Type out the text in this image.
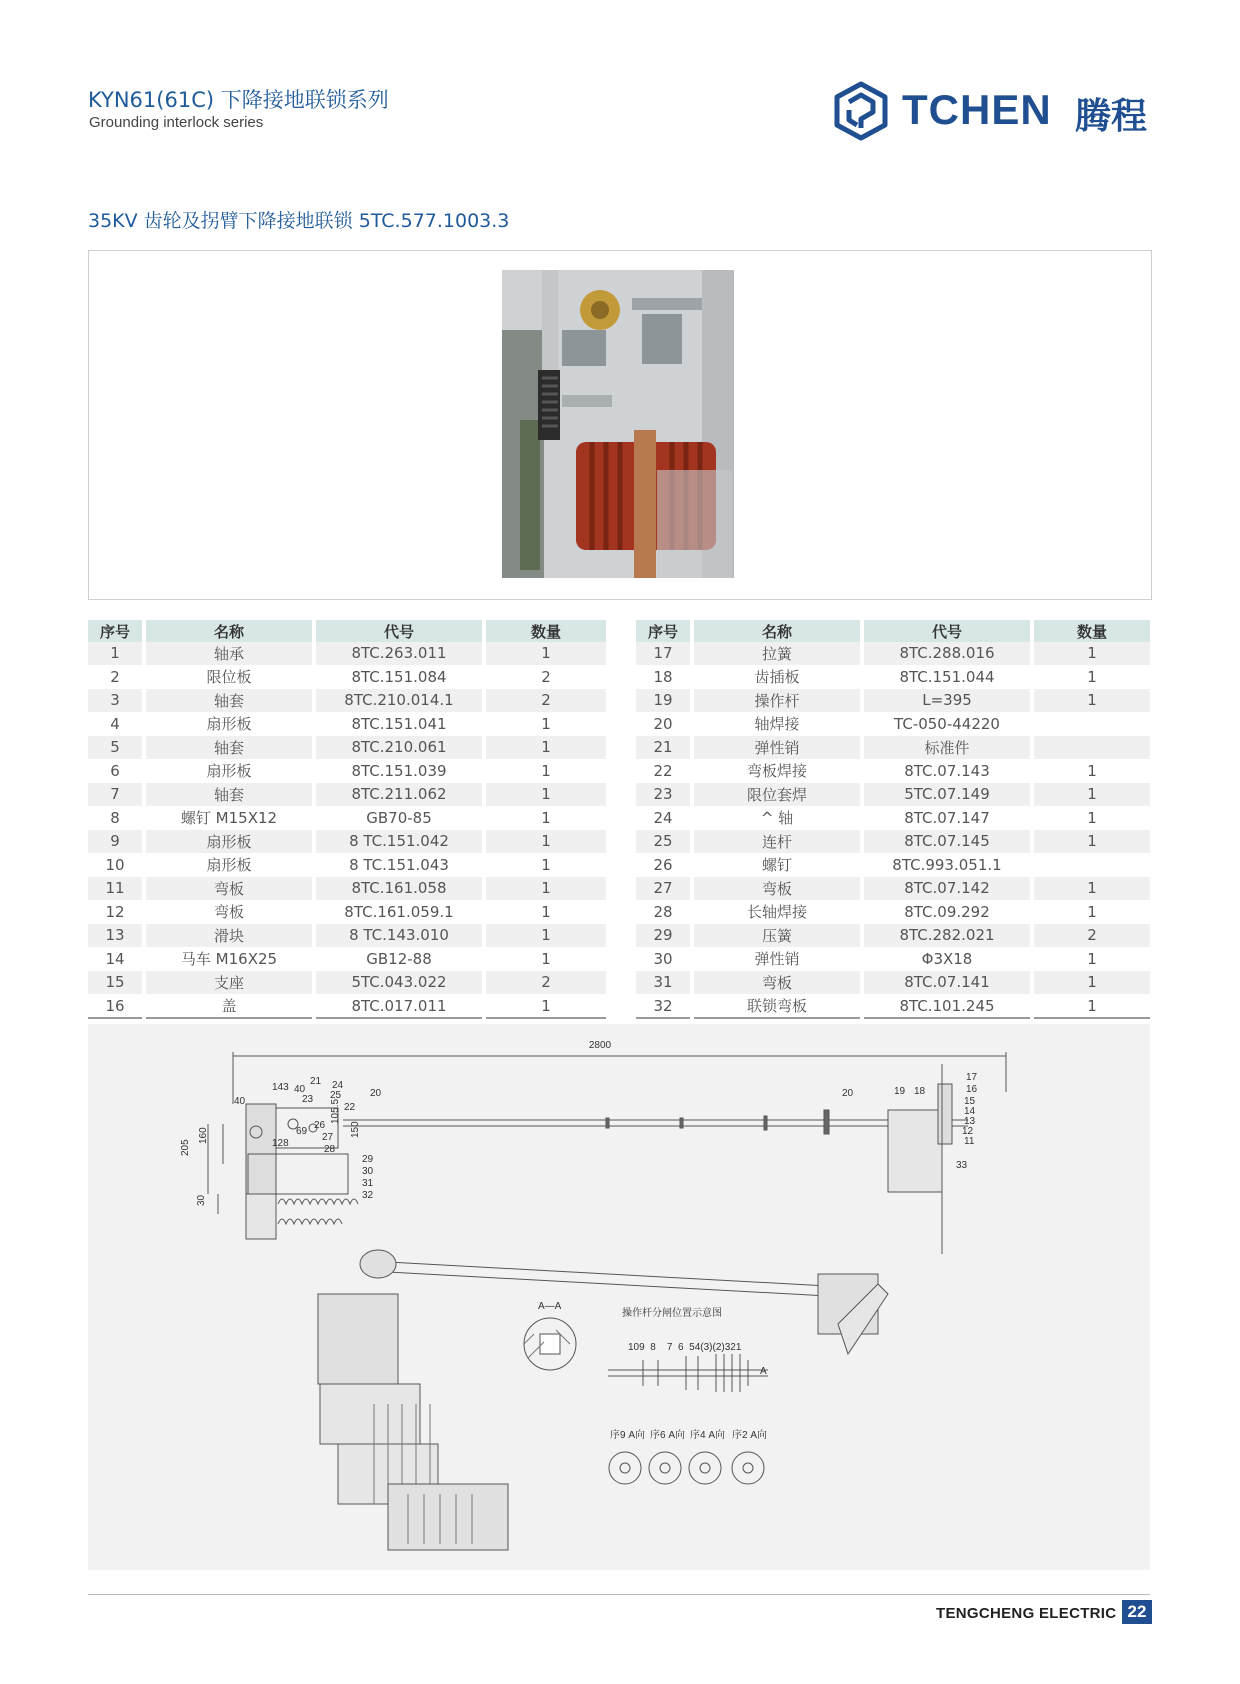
KYN61(61C) 下降接地联锁系列
Grounding interlock series	TCHEN 腾程
35KV 齿轮及拐臂下降接地联锁 5TC.577.1003.3
序号	名称	代号	数量
1	轴承	8TC.263.011	1
2	限位板	8TC.151.084	2
3	轴套	8TC.210.014.1	2
4	扇形板	8TC.151.041	1
5	轴套	8TC.210.061	1
6	扇形板	8TC.151.039	1
7	轴套	8TC.211.062	1
8	螺钉 M15X12	GB70-85	1
9	扇形板	8 TC.151.042	1
10	扇形板	8 TC.151.043	1
11	弯板	8TC.161.058	1
12	弯板	8TC.161.059.1	1
13	滑块	8 TC.143.010	1
14	马车 M16X25	GB12-88	1
15	支座	5TC.043.022	2
16	盖	8TC.017.011	1
序号	名称	代号	数量
17	拉簧	8TC.288.016	1
18	齿插板	8TC.151.044	1
19	操作杆	L=395	1
20	轴焊接	TC-050-44220	
21	弹性销	标准件	
22	弯板焊接	8TC.07.143	1
23	限位套焊	5TC.07.149	1
24	^ 轴	8TC.07.147	1
25	连杆	8TC.07.145	1
26	螺钉	8TC.993.051.1	
27	弯板	8TC.07.142	1
28	长轴焊接	8TC.09.292	1
29	压簧	8TC.282.021	2
30	弹性销	Φ3X18	1
31	弯板	8TC.07.141	1
32	联锁弯板	8TC.101.245	1
2800
205
160
30
150
105.5
143 40
21 24
23 25
22
26
69
27
128
28
29
30
31
32
40
20	20	19 18
17
16
15
14
13
12
11
33
A—A
操作杆分闸位置示意图
109  8    7  6  54(3)(2)321
A
序9 A向 序6 A向 序4 A向 序2 A向
TENGCHENG ELECTRIC 22
